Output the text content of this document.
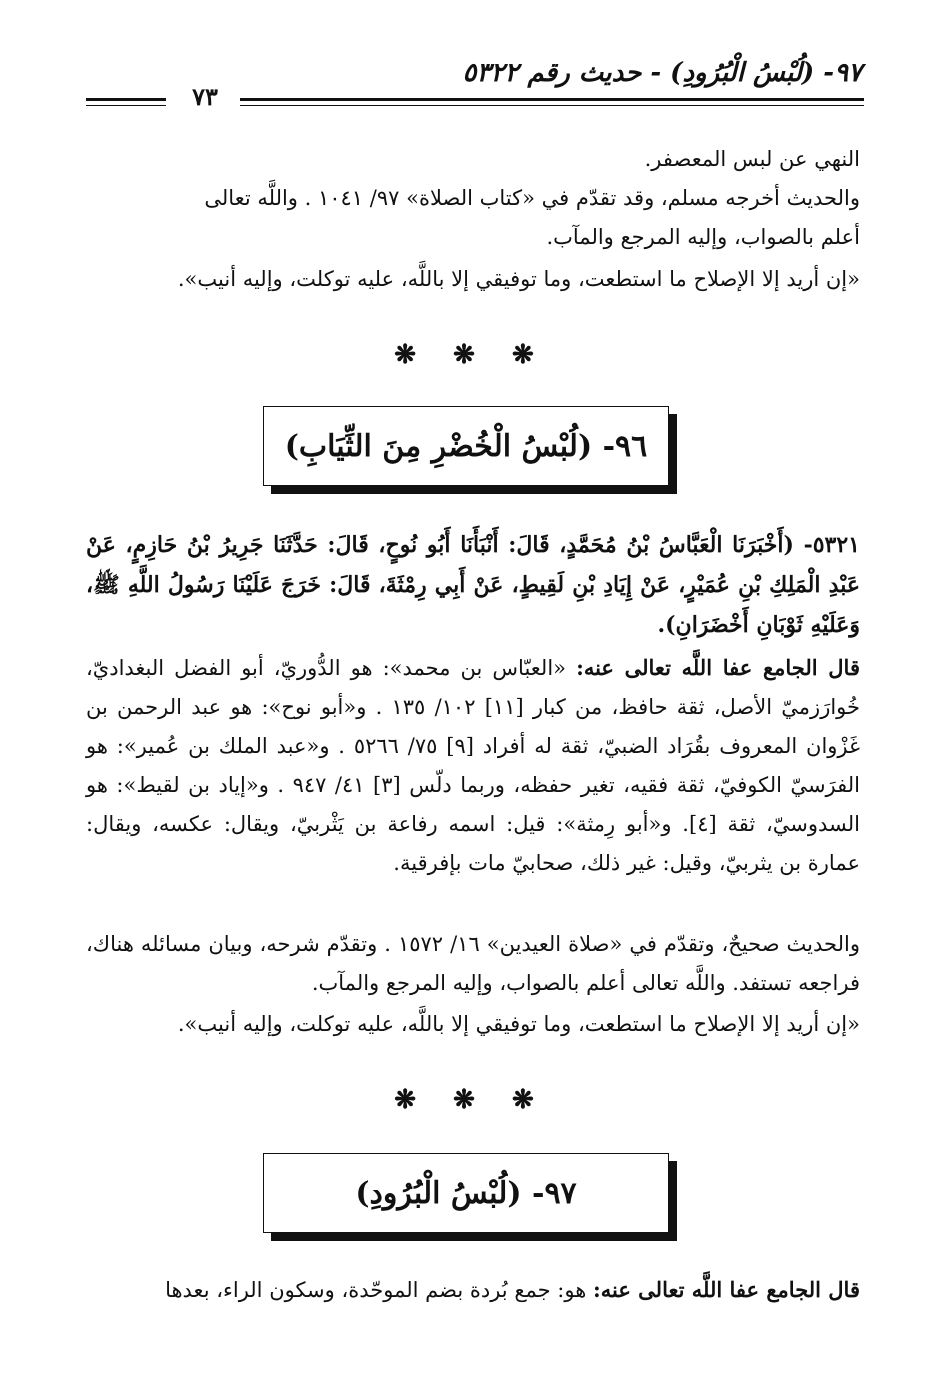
٩٧- (لُبْسُ الْبُرُودِ) - حديث رقم ٥٣٢٢
٧٣
النهي عن لبس المعصفر.
والحديث أخرجه مسلم، وقد تقدّم في «كتاب الصلاة» ٩٧/ ١٠٤١ . واللَّه تعالى
أعلم بالصواب، وإليه المرجع والمآب.
«إن أريد إلا الإصلاح ما استطعت، وما توفيقي إلا باللَّه، عليه توكلت، وإليه أنيب».
❋ ❋ ❋
٩٦- (لُبْسُ الْخُضْرِ مِنَ الثِّيَابِ)
٥٣٢١- (أَخْبَرَنَا الْعَبَّاسُ بْنُ مُحَمَّدٍ، قَالَ: أَنْبَأَنَا أَبُو نُوحٍ، قَالَ: حَدَّثَنَا جَرِيرُ بْنُ حَازِمٍ، عَنْ عَبْدِ الْمَلِكِ بْنِ عُمَيْرٍ، عَنْ إِيَادِ بْنِ لَقِيطٍ، عَنْ أَبِي رِمْثَةَ، قَالَ: خَرَجَ عَلَيْنَا رَسُولُ اللَّهِ ﷺ، وَعَلَيْهِ ثَوْبَانِ أَخْضَرَانِ).
قال الجامع عفا اللَّه تعالى عنه: «العبّاس بن محمد»: هو الدُّوريّ، أبو الفضل البغداديّ، خُوارَزميّ الأصل، ثقة حافظ، من كبار [١١] ١٠٢/ ١٣٥ . و«أبو نوح»: هو عبد الرحمن بن غَزْوان المعروف بقُرَاد الضبيّ، ثقة له أفراد [٩] ٧٥/ ٥٢٦٦ . و«عبد الملك بن عُمير»: هو الفرَسيّ الكوفيّ، ثقة فقيه، تغير حفظه، وربما دلّس [٣] ٤١/ ٩٤٧ . و«إياد بن لقيط»: هو السدوسيّ، ثقة [٤]. و«أبو رِمثة»: قيل: اسمه رفاعة بن يَثْربيّ، ويقال: عكسه، ويقال: عمارة بن يثربيّ، وقيل: غير ذلك، صحابيّ مات بإفرقية.
والحديث صحيحٌ، وتقدّم في «صلاة العيدين» ١٦/ ١٥٧٢ . وتقدّم شرحه، وبيان مسائله هناك، فراجعه تستفد. واللَّه تعالى أعلم بالصواب، وإليه المرجع والمآب.
«إن أريد إلا الإصلاح ما استطعت، وما توفيقي إلا باللَّه، عليه توكلت، وإليه أنيب».
❋ ❋ ❋
٩٧- (لُبْسُ الْبُرُودِ)
قال الجامع عفا اللَّه تعالى عنه: هو: جمع بُردة بضم الموحّدة، وسكون الراء، بعدها
